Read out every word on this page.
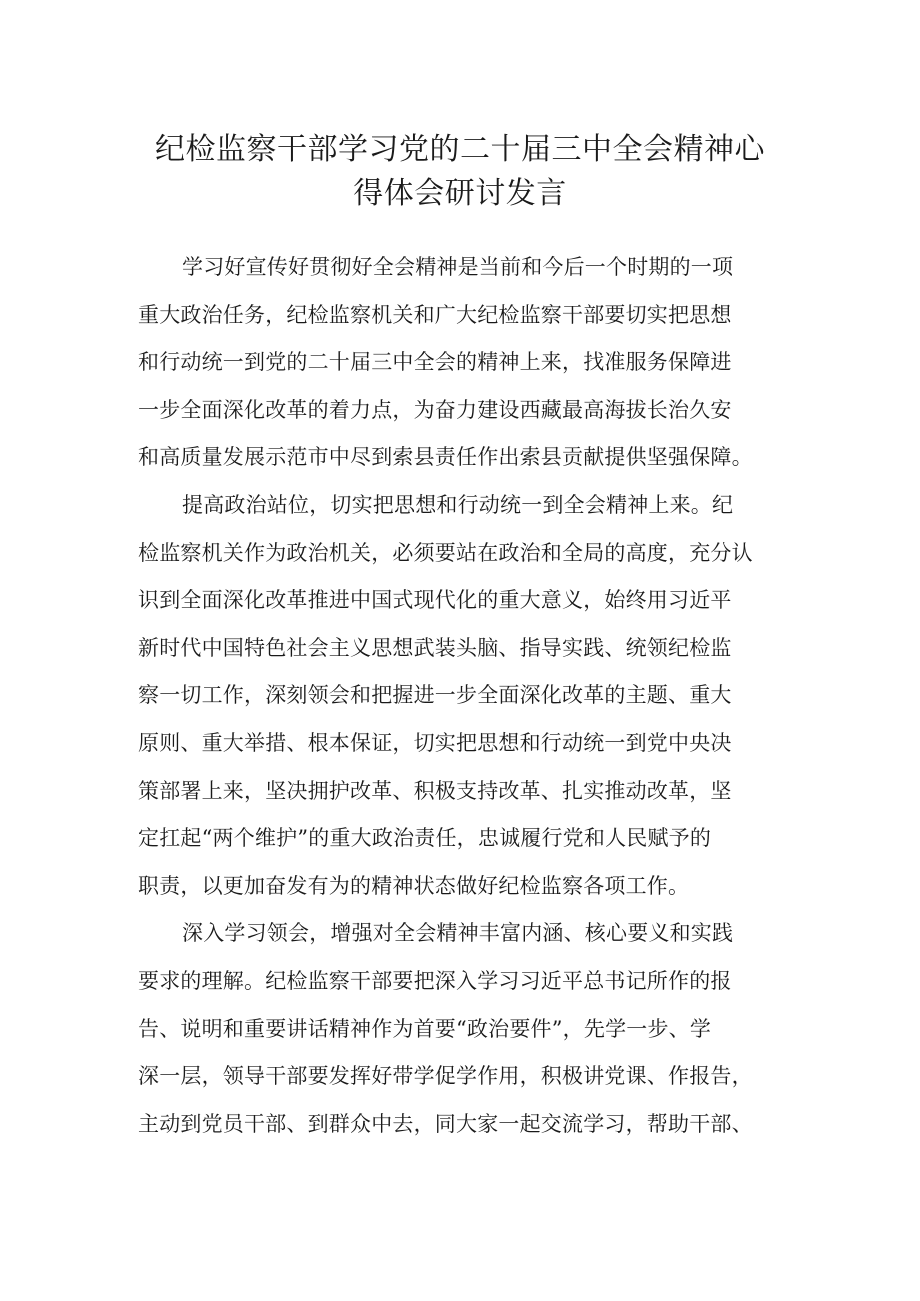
纪检监察干部学习党的二十届三中全会精神心
得体会研讨发言
学习好宣传好贯彻好全会精神是当前和今后一个时期的一项
重大政治任务，纪检监察机关和广大纪检监察干部要切实把思想
和行动统一到党的二十届三中全会的精神上来，找准服务保障进
一步全面深化改革的着力点，为奋力建设西藏最高海拔长治久安
和高质量发展示范市中尽到索县责任作出索县贡献提供坚强保障。
提高政治站位，切实把思想和行动统一到全会精神上来。纪
检监察机关作为政治机关，必须要站在政治和全局的高度，充分认
识到全面深化改革推进中国式现代化的重大意义，始终用习近平
新时代中国特色社会主义思想武装头脑、指导实践、统领纪检监
察一切工作，深刻领会和把握进一步全面深化改革的主题、重大
原则、重大举措、根本保证，切实把思想和行动统一到党中央决
策部署上来，坚决拥护改革、积极支持改革、扎实推动改革，坚
定扛起“两个维护”的重大政治责任，忠诚履行党和人民赋予的
职责，以更加奋发有为的精神状态做好纪检监察各项工作。
深入学习领会，增强对全会精神丰富内涵、核心要义和实践
要求的理解。纪检监察干部要把深入学习习近平总书记所作的报
告、说明和重要讲话精神作为首要“政治要件”，先学一步、学
深一层，领导干部要发挥好带学促学作用，积极讲党课、作报告，
主动到党员干部、到群众中去，同大家一起交流学习，帮助干部、
